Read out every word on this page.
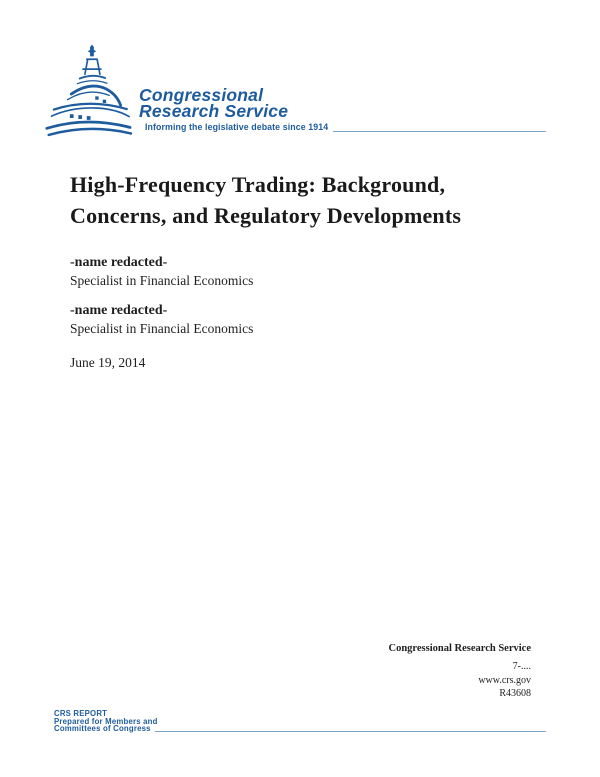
Congressional
Research Service
Informing the legislative debate since 1914
High-Frequency Trading: Background,
Concerns, and Regulatory Developments
-name redacted-
Specialist in Financial Economics
-name redacted-
Specialist in Financial Economics
June 19, 2014
Congressional Research Service
7-....
www.crs.gov
R43608
CRS REPORT
Prepared for Members and
Committees of Congress
